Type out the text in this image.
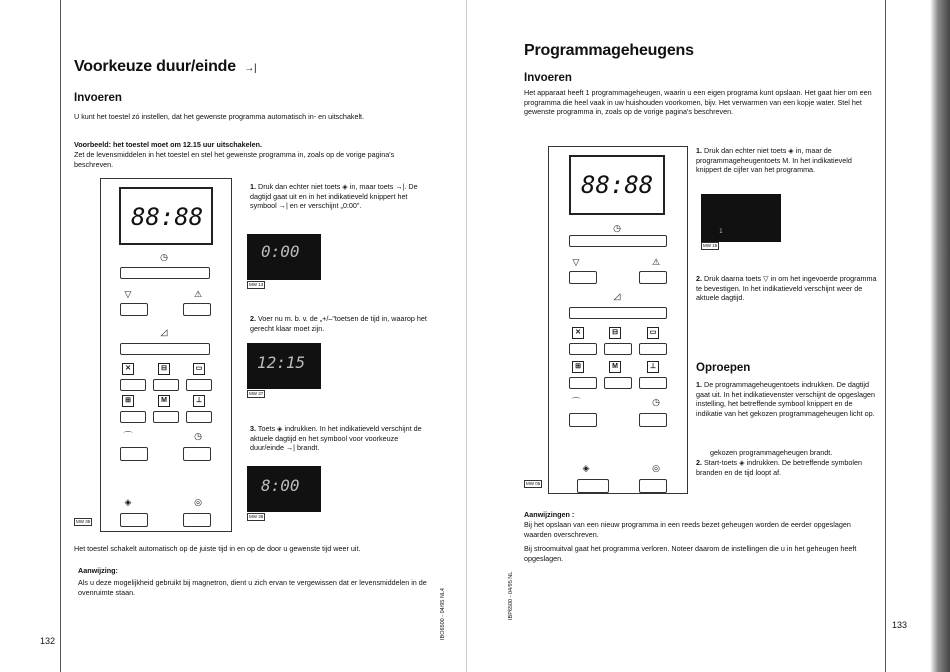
Voorkeuze duur/einde →|
Invoeren
U kunt het toestel zó instellen, dat het gewenste programma automatisch in- en uitschakelt.
Voorbeeld: het toestel moet om 12.15 uur uitschakelen.
Zet de levensmiddelen in het toestel en stel het gewenste programma in, zoals op de vorige pagina's beschreven.
88:88
◷
▽	⚠
◿
✕	⊟	▭
⊞	M	⊥
⌒	◷
◈	◎
MW 35
1. Druk dan echter niet toets ◈ in, maar toets →|. De dagtijd gaat uit en in het indikatieveld knippert het symbool →| en er verschijnt „0:00".
0:00
MW 13
2. Voer nu m. b. v. de „+/–"toetsen de tijd in, waarop het gerecht klaar moet zijn.
12:15
MW 37
3. Toets ◈ indrukken. In het indikatieveld verschijnt de aktuele dagtijd en het symbool voor voorkeuze duur/einde →| brandt.
8:00
MW 38
Het toestel schakelt automatisch op de juiste tijd in en op de door u gewenste tijd weer uit.
Aanwijzing:
Als u deze mogelijkheid gebruikt bij magnetron, dient u zich ervan te vergewissen dat er levensmiddelen in de ovenruimte staan.
132
IBO6500 - 04/95 NL4
Programmageheugens
Invoeren
Het apparaat heeft 1 programmageheugen, waarin u een eigen programa kunt opslaan. Het gaat hier om een programma die heel vaak in uw huishouden voorkomen, bijv. Het verwarmen van een kopje water. Stel het gewenste programma in, zoals op de vorige pagina's beschreven.
88:88
◷
▽	⚠
◿
✕	⊟	▭
⊞	M	⊥
⌒	◷
◈	◎
MW 05
1. Druk dan echter niet toets ◈ in, maar de programmageheugentoets M. In het indikatieveld knippert de cijfer van het programma.
1
MW 15
2. Druk daarna toets ▽ in om het ingevoerde programma te bevestigen. In het indikatieveld verschijnt weer de aktuele dagtijd.
Oproepen
1. De programmageheugentoets indrukken. De dagtijd gaat uit. In het indikatievenster verschijnt de opgeslagen instelling, het betreffende symbool knippert en de indikatie van het gekozen programmageheugen licht op.
gekozen programmageheugen brandt.
2. Start-toets ◈ indrukken. De betreffende symbolen branden en de tijd loopt af.
Aanwijzingen :
Bij het opslaan van een nieuw programma in een reeds bezet geheugen worden de eerder opgeslagen waarden overschreven.
Bij stroomuitval gaat het programma verloren. Noteer daarom de instellingen die u in het geheugen heeft opgeslagen.
133
IBP6500 - 04/95 NL
